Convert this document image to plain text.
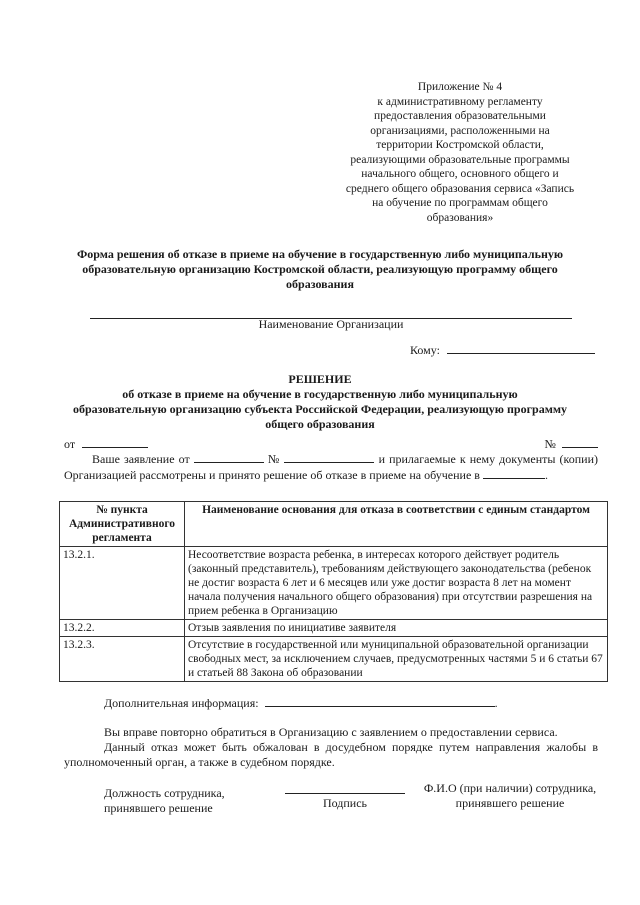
Приложение № 4
к административному регламенту
предоставления образовательными
организациями, расположенными на
территории Костромской области,
реализующими образовательные программы
начального общего, основного общего и
среднего общего образования сервиса «Запись
на обучение по программам общего
образования»
Форма решения об отказе в приеме на обучение в государственную либо муниципальную
образовательную организацию Костромской области, реализующую программу общего
образования
Наименование Организации
Кому:
РЕШЕНИЕ
об отказе в приеме на обучение в государственную либо муниципальную
образовательную организацию субъекта Российской Федерации, реализующую программу
общего образования
от	№
Ваше заявление от	№	и прилагаемые к нему документы (копии) Организацией рассмотрены и принято решение об отказе в приеме на обучение в	.
№ пункта Административного регламента	Наименование основания для отказа в соответствии с единым стандартом
13.2.1.	Несоответствие возраста ребенка, в интересах которого действует родитель (законный представитель), требованиям действующего законодательства (ребенок не достиг возраста 6 лет и 6 месяцев или уже достиг возраста 8 лет на момент начала получения начального общего образования) при отсутствии разрешения на прием ребенка в Организацию
13.2.2.	Отзыв заявления по инициативе заявителя
13.2.3.	Отсутствие в государственной или муниципальной образовательной организации свободных мест, за исключением случаев, предусмотренных частями 5 и 6 статьи 67 и статьей 88 Закона об образовании
Дополнительная информация:	.
Вы вправе повторно обратиться в Организацию с заявлением о предоставлении сервиса.
Данный отказ может быть обжалован в досудебном порядке путем направления жалобы в уполномоченный орган, а также в судебном порядке.
Должность сотрудника,
принявшего решение	Подпись
Ф.И.О (при наличии) сотрудника,
принявшего решение
